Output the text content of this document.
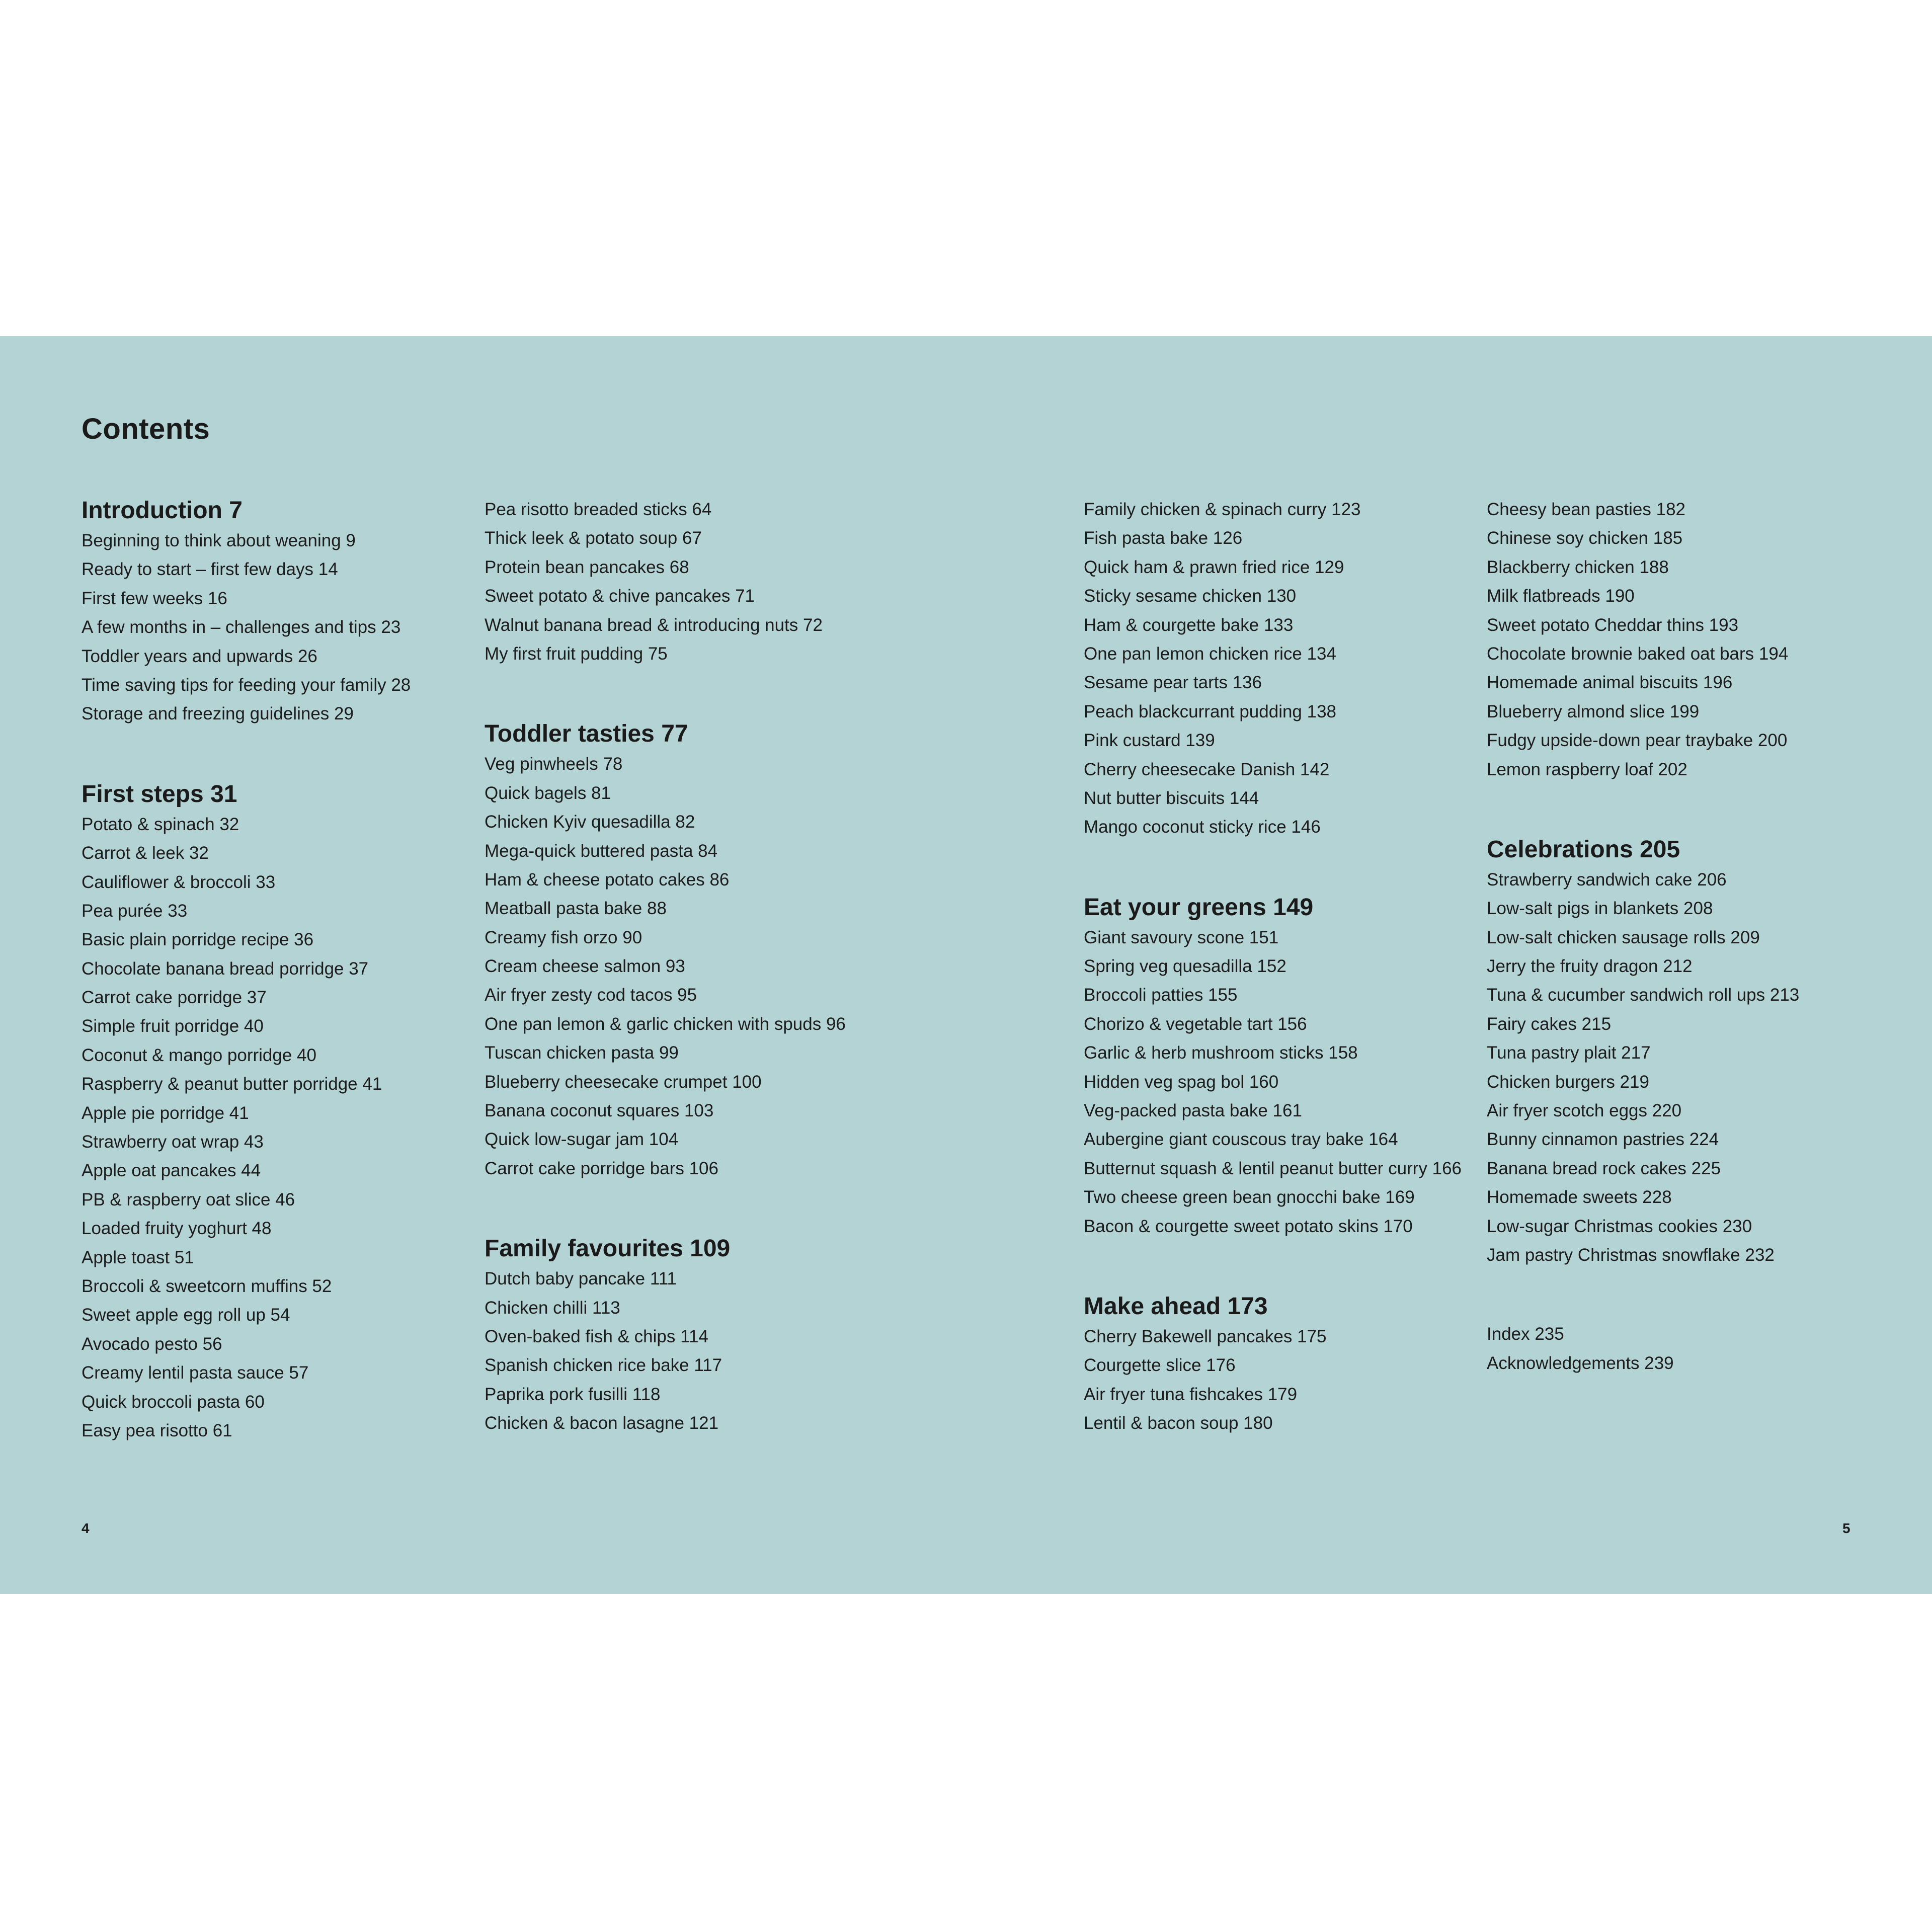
Contents
Introduction 7
Beginning to think about weaning 9
Ready to start – first few days 14
First few weeks 16
A few months in – challenges and tips 23
Toddler years and upwards 26
Time saving tips for feeding your family 28
Storage and freezing guidelines 29
First steps 31
Potato & spinach 32
Carrot & leek 32
Cauliflower & broccoli 33
Pea purée 33
Basic plain porridge recipe 36
Chocolate banana bread porridge 37
Carrot cake porridge 37
Simple fruit porridge 40
Coconut & mango porridge 40
Raspberry & peanut butter porridge 41
Apple pie porridge 41
Strawberry oat wrap 43
Apple oat pancakes 44
PB & raspberry oat slice 46
Loaded fruity yoghurt 48
Apple toast 51
Broccoli & sweetcorn muffins 52
Sweet apple egg roll up 54
Avocado pesto 56
Creamy lentil pasta sauce 57
Quick broccoli pasta 60
Easy pea risotto 61
Pea risotto breaded sticks 64
Thick leek & potato soup 67
Protein bean pancakes 68
Sweet potato & chive pancakes 71
Walnut banana bread & introducing nuts 72
My first fruit pudding 75
Toddler tasties 77
Veg pinwheels 78
Quick bagels 81
Chicken Kyiv quesadilla 82
Mega-quick buttered pasta 84
Ham & cheese potato cakes 86
Meatball pasta bake 88
Creamy fish orzo 90
Cream cheese salmon 93
Air fryer zesty cod tacos 95
One pan lemon & garlic chicken with spuds 96
Tuscan chicken pasta 99
Blueberry cheesecake crumpet 100
Banana coconut squares 103
Quick low-sugar jam 104
Carrot cake porridge bars 106
Family favourites 109
Dutch baby pancake 111
Chicken chilli 113
Oven-baked fish & chips 114
Spanish chicken rice bake 117
Paprika pork fusilli 118
Chicken & bacon lasagne 121
Family chicken & spinach curry 123
Fish pasta bake 126
Quick ham & prawn fried rice 129
Sticky sesame chicken 130
Ham & courgette bake 133
One pan lemon chicken rice 134
Sesame pear tarts 136
Peach blackcurrant pudding 138
Pink custard 139
Cherry cheesecake Danish 142
Nut butter biscuits 144
Mango coconut sticky rice 146
Eat your greens 149
Giant savoury scone 151
Spring veg quesadilla 152
Broccoli patties 155
Chorizo & vegetable tart 156
Garlic & herb mushroom sticks 158
Hidden veg spag bol 160
Veg-packed pasta bake 161
Aubergine giant couscous tray bake 164
Butternut squash & lentil peanut butter curry 166
Two cheese green bean gnocchi bake 169
Bacon & courgette sweet potato skins 170
Make ahead 173
Cherry Bakewell pancakes 175
Courgette slice 176
Air fryer tuna fishcakes 179
Lentil & bacon soup 180
Cheesy bean pasties 182
Chinese soy chicken 185
Blackberry chicken 188
Milk flatbreads 190
Sweet potato Cheddar thins 193
Chocolate brownie baked oat bars 194
Homemade animal biscuits 196
Blueberry almond slice 199
Fudgy upside-down pear traybake 200
Lemon raspberry loaf 202
Celebrations 205
Strawberry sandwich cake 206
Low-salt pigs in blankets 208
Low-salt chicken sausage rolls 209
Jerry the fruity dragon 212
Tuna & cucumber sandwich roll ups 213
Fairy cakes 215
Tuna pastry plait 217
Chicken burgers 219
Air fryer scotch eggs 220
Bunny cinnamon pastries 224
Banana bread rock cakes 225
Homemade sweets 228
Low-sugar Christmas cookies 230
Jam pastry Christmas snowflake 232
Index 235
Acknowledgements 239
4	5
